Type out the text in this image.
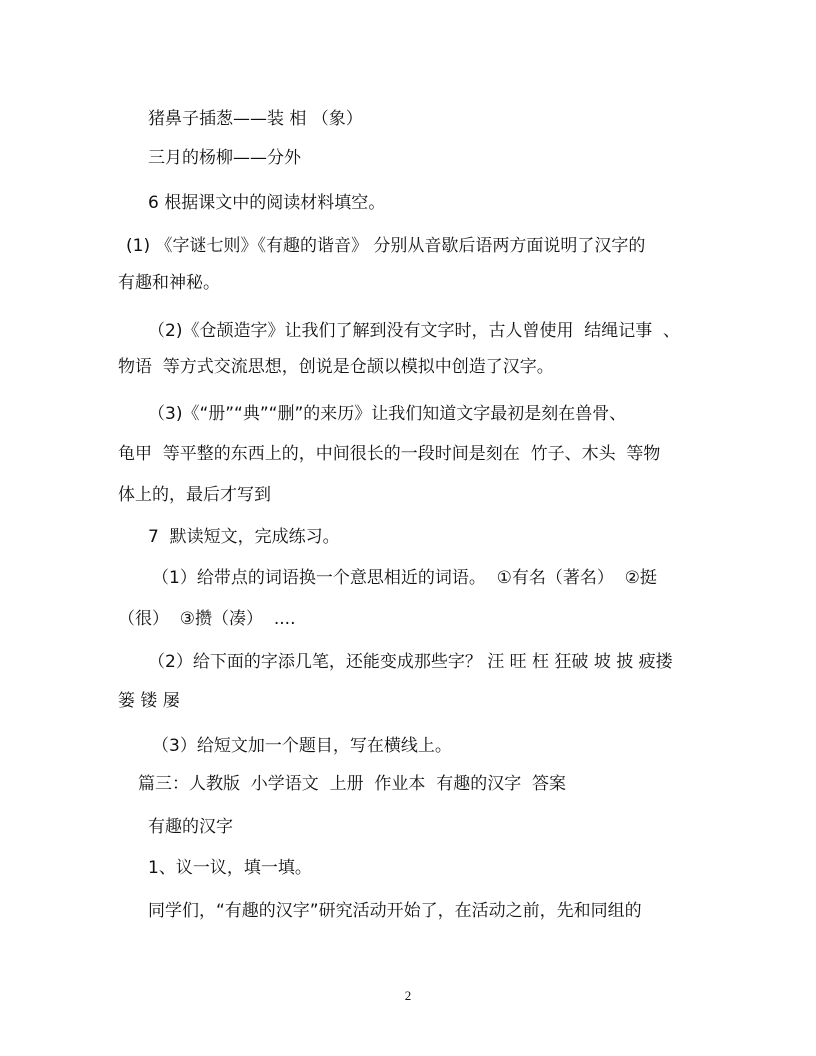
猪鼻子插葱——装 相 （象）
三月的杨柳——分外
6 根据课文中的阅读材料填空。
(1) 《字谜七则》《有趣的谐音》 分别从音歇后语两方面说明了汉字的
有趣和神秘。
（2)《仓颉造字》让我们了解到没有文字时，古人曾使用  结绳记事  、
物语  等方式交流思想，创说是仓颉以模拟中创造了汉字。
（3)《“册”“典”“删”的来历》让我们知道文字最初是刻在兽骨、
龟甲  等平整的东西上的，中间很长的一段时间是刻在  竹子、木头  等物
体上的，最后才写到
7  默读短文，完成练习。
（1）给带点的词语换一个意思相近的词语。  ①有名（著名）  ②挺
（很）  ③攒（凑）  ....
（2）给下面的字添几笔，还能变成那些字？ 汪 旺 枉 狂破 坡 披 疲搂
篓 镂 屡
（3）给短文加一个题目，写在横线上。
篇三：人教版  小学语文  上册  作业本  有趣的汉字  答案
有趣的汉字
1、议一议，填一填。
同学们，“有趣的汉字”研究活动开始了，在活动之前，先和同组的
2
